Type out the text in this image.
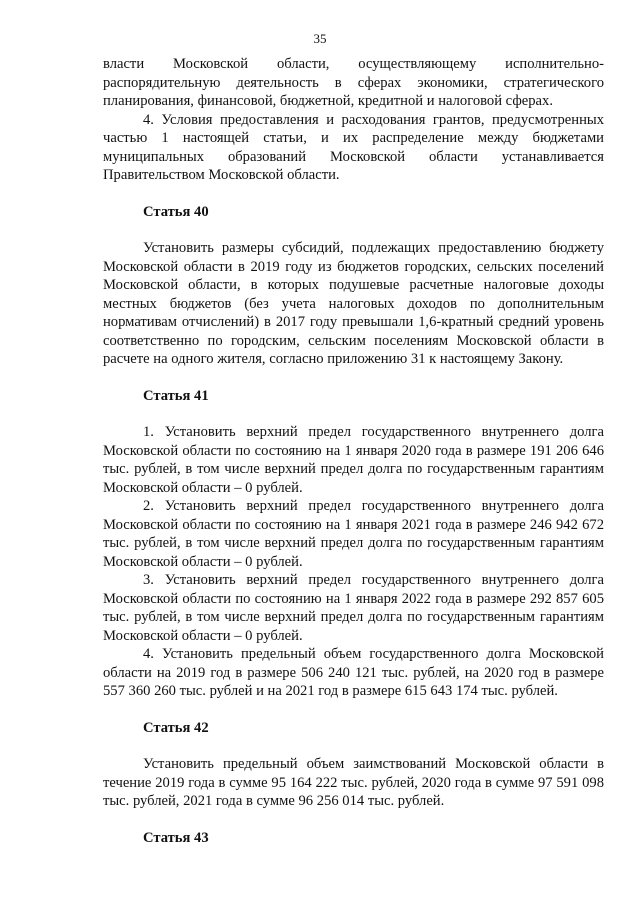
35

власти Московской области, осуществляющему исполнительно-распорядительную деятельность в сферах экономики, стратегического планирования, финансовой, бюджетной, кредитной и налоговой сферах.

4. Условия предоставления и расходования грантов, предусмотренных частью 1 настоящей статьи, и их распределение между бюджетами муниципальных образований Московской области устанавливается Правительством Московской области.

Статья 40

Установить размеры субсидий, подлежащих предоставлению бюджету Московской области в 2019 году из бюджетов городских, сельских поселений Московской области, в которых подушевые расчетные налоговые доходы местных бюджетов (без учета налоговых доходов по дополнительным нормативам отчислений) в 2017 году превышали 1,6-кратный средний уровень соответственно по городским, сельским поселениям Московской области в расчете на одного жителя, согласно приложению 31 к настоящему Закону.

Статья 41

1. Установить верхний предел государственного внутреннего долга Московской области по состоянию на 1 января 2020 года в размере 191 206 646 тыс. рублей, в том числе верхний предел долга по государственным гарантиям Московской области – 0 рублей.

2. Установить верхний предел государственного внутреннего долга Московской области по состоянию на 1 января 2021 года в размере 246 942 672 тыс. рублей, в том числе верхний предел долга по государственным гарантиям Московской области – 0 рублей.

3. Установить верхний предел государственного внутреннего долга Московской области по состоянию на 1 января 2022 года в размере 292 857 605 тыс. рублей, в том числе верхний предел долга по государственным гарантиям Московской области – 0 рублей.

4. Установить предельный объем государственного долга Московской области на 2019 год в размере 506 240 121 тыс. рублей, на 2020 год в размере 557 360 260 тыс. рублей и на 2021 год в размере 615 643 174 тыс. рублей.

Статья 42

Установить предельный объем заимствований Московской области в течение 2019 года в сумме 95 164 222 тыс. рублей, 2020 года в сумме 97 591 098 тыс. рублей, 2021 года в сумме 96 256 014 тыс. рублей.

Статья 43
